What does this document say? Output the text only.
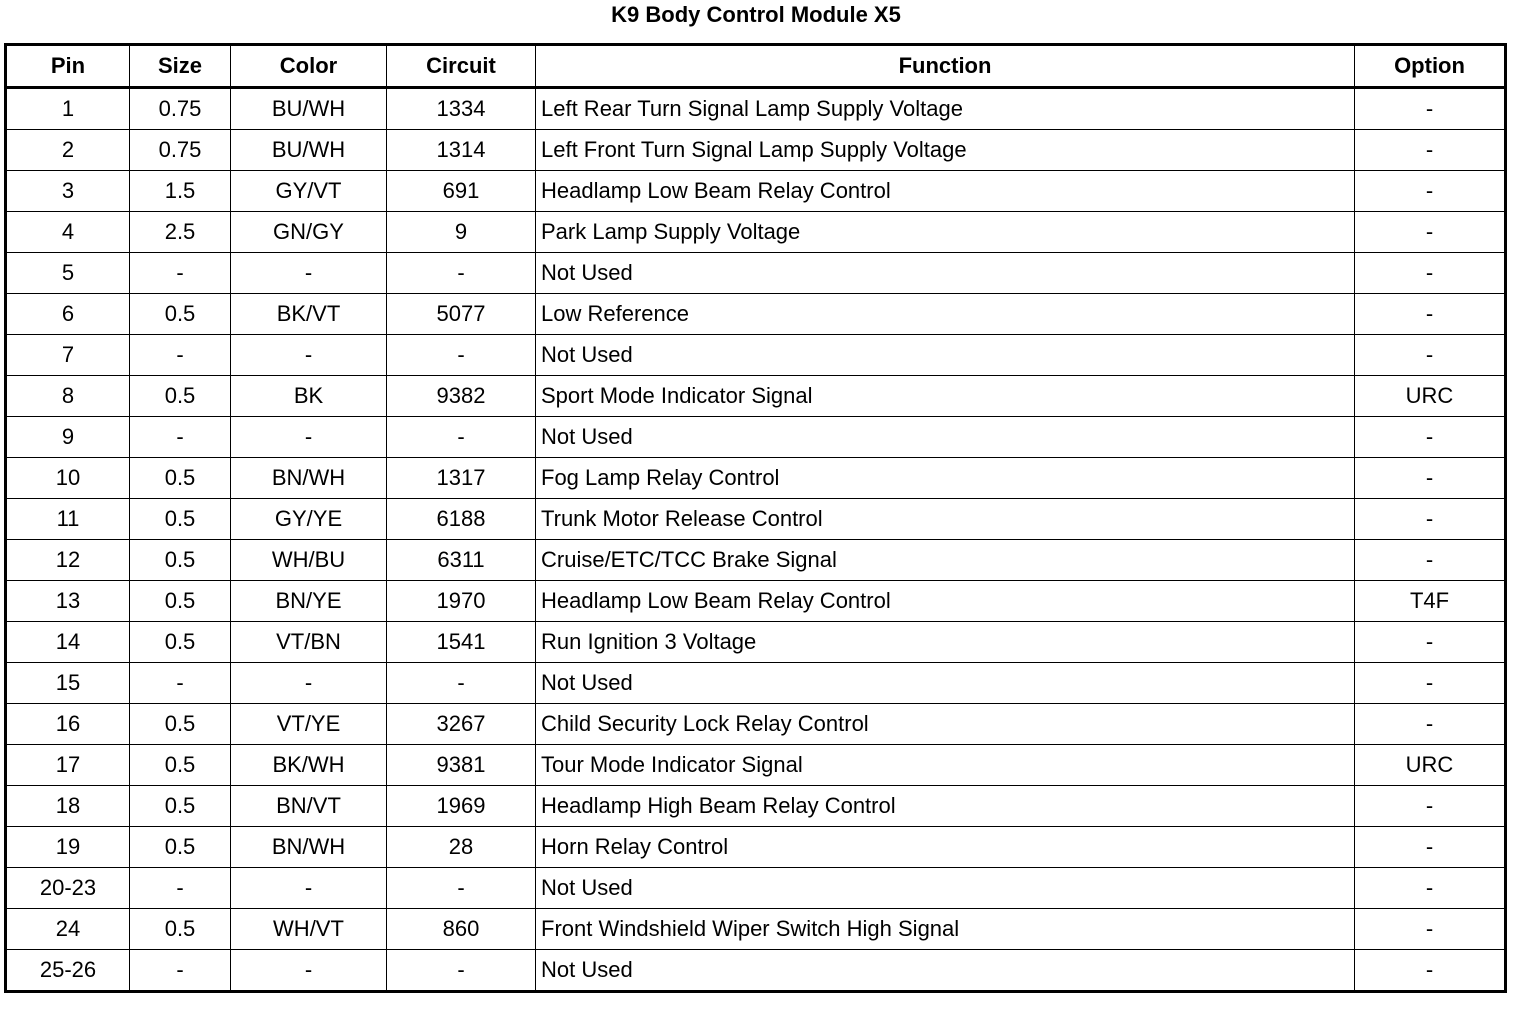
K9 Body Control Module X5
Pin	Size	Color	Circuit	Function	Option
1	0.75	BU/WH	1334	Left Rear Turn Signal Lamp Supply Voltage	-
2	0.75	BU/WH	1314	Left Front Turn Signal Lamp Supply Voltage	-
3	1.5	GY/VT	691	Headlamp Low Beam Relay Control	-
4	2.5	GN/GY	9	Park Lamp Supply Voltage	-
5	-	-	-	Not Used	-
6	0.5	BK/VT	5077	Low Reference	-
7	-	-	-	Not Used	-
8	0.5	BK	9382	Sport Mode Indicator Signal	URC
9	-	-	-	Not Used	-
10	0.5	BN/WH	1317	Fog Lamp Relay Control	-
11	0.5	GY/YE	6188	Trunk Motor Release Control	-
12	0.5	WH/BU	6311	Cruise/ETC/TCC Brake Signal	-
13	0.5	BN/YE	1970	Headlamp Low Beam Relay Control	T4F
14	0.5	VT/BN	1541	Run Ignition 3 Voltage	-
15	-	-	-	Not Used	-
16	0.5	VT/YE	3267	Child Security Lock Relay Control	-
17	0.5	BK/WH	9381	Tour Mode Indicator Signal	URC
18	0.5	BN/VT	1969	Headlamp High Beam Relay Control	-
19	0.5	BN/WH	28	Horn Relay Control	-
20-23	-	-	-	Not Used	-
24	0.5	WH/VT	860	Front Windshield Wiper Switch High Signal	-
25-26	-	-	-	Not Used	-
